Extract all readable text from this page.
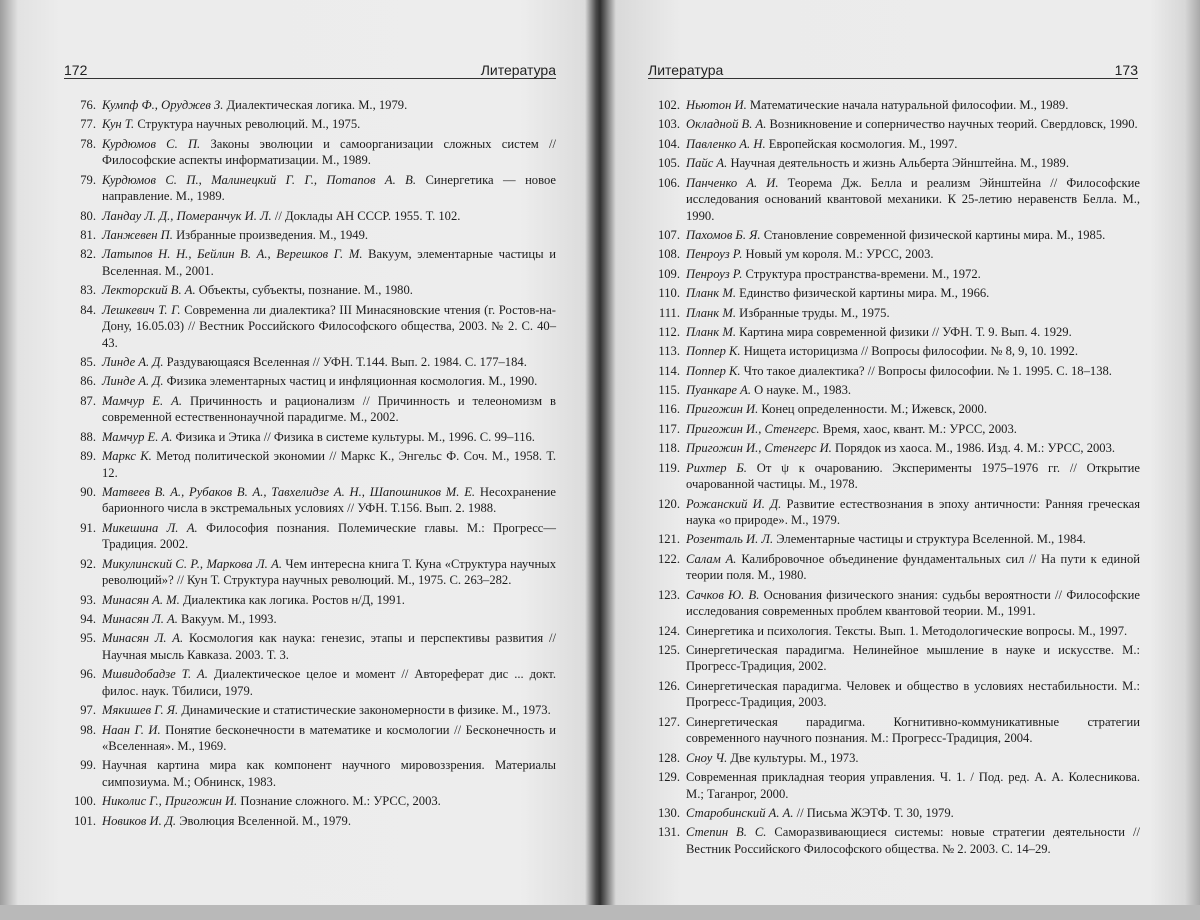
172	Литература
76. Кумпф Ф., Оруджев З. Диалектическая логика. М., 1979.
77. Кун Т. Структура научных революций. М., 1975.
78. Курдюмов С. П. Законы эволюции и самоорганизации сложных систем // Философские аспекты информатизации. М., 1989.
79. Курдюмов С. П., Малинецкий Г. Г., Потапов А. В. Синергетика — новое направление. М., 1989.
80. Ландау Л. Д., Померанчук И. Л. // Доклады АН СССР. 1955. Т. 102.
81. Ланжевен П. Избранные произведения. М., 1949.
82. Латыпов Н. Н., Бейлин В. А., Верешков Г. М. Вакуум, элементарные частицы и Вселенная. М., 2001.
83. Лекторский В. А. Объекты, субъекты, познание. М., 1980.
84. Лешкевич Т. Г. Современна ли диалектика? III Минасяновские чтения (г. Ростов-на-Дону, 16.05.03) // Вестник Российского Философского общества, 2003. № 2. С. 40–43.
85. Линде А. Д. Раздувающаяся Вселенная // УФН. Т.144. Вып. 2. 1984. С. 177–184.
86. Линде А. Д. Физика элементарных частиц и инфляционная космология. М., 1990.
87. Мамчур Е. А. Причинность и рационализм // Причинность и телеономизм в современной естественнонаучной парадигме. М., 2002.
88. Мамчур Е. А. Физика и Этика // Физика в системе культуры. М., 1996. С. 99–116.
89. Маркс К. Метод политической экономии // Маркс К., Энгельс Ф. Соч. М., 1958. Т. 12.
90. Матвеев В. А., Рубаков В. А., Тавхелидзе А. Н., Шапошников М. Е. Несохранение барионного числа в экстремальных условиях // УФН. Т.156. Вып. 2. 1988.
91. Микешина Л. А. Философия познания. Полемические главы. М.: Прогресс—Традиция. 2002.
92. Микулинский С. Р., Маркова Л. А. Чем интересна книга Т. Куна «Структура научных революций»? // Кун Т. Структура научных революций. М., 1975. С. 263–282.
93. Минасян А. М. Диалектика как логика. Ростов н/Д, 1991.
94. Минасян Л. А. Вакуум. М., 1993.
95. Минасян Л. А. Космология как наука: генезис, этапы и перспективы развития // Научная мысль Кавказа. 2003. Т. 3.
96. Мшвидобадзе Т. А. Диалектическое целое и момент // Автореферат дис ... докт. филос. наук. Тбилиси, 1979.
97. Мякишев Г. Я. Динамические и статистические закономерности в физике. М., 1973.
98. Наан Г. И. Понятие бесконечности в математике и космологии // Бесконечность и «Вселенная». М., 1969.
99. Научная картина мира как компонент научного мировоззрения. Материалы симпозиума. М.; Обнинск, 1983.
100. Николис Г., Пригожин И. Познание сложного. М.: УРСС, 2003.
101. Новиков И. Д. Эволюция Вселенной. М., 1979.
Литература	173
102. Ньютон И. Математические начала натуральной философии. М., 1989.
103. Окладной В. А. Возникновение и соперничество научных теорий. Свердловск, 1990.
104. Павленко А. Н. Европейская космология. М., 1997.
105. Пайс А. Научная деятельность и жизнь Альберта Эйнштейна. М., 1989.
106. Панченко А. И. Теорема Дж. Белла и реализм Эйнштейна // Философские исследования оснований квантовой механики. К 25-летию неравенств Белла. М., 1990.
107. Пахомов Б. Я. Становление современной физической картины мира. М., 1985.
108. Пенроуз Р. Новый ум короля. М.: УРСС, 2003.
109. Пенроуз Р. Структура пространства-времени. М., 1972.
110. Планк М. Единство физической картины мира. М., 1966.
111. Планк М. Избранные труды. М., 1975.
112. Планк М. Картина мира современной физики // УФН. Т. 9. Вып. 4. 1929.
113. Поппер К. Нищета историцизма // Вопросы философии. № 8, 9, 10. 1992.
114. Поппер К. Что такое диалектика? // Вопросы философии. № 1. 1995. С. 18–138.
115. Пуанкаре А. О науке. М., 1983.
116. Пригожин И. Конец определенности. М.; Ижевск, 2000.
117. Пригожин И., Стенгерс. Время, хаос, квант. М.: УРСС, 2003.
118. Пригожин И., Стенгерс И. Порядок из хаоса. М., 1986. Изд. 4. М.: УРСС, 2003.
119. Рихтер Б. От ψ к очарованию. Эксперименты 1975–1976 гг. // Открытие очарованной частицы. М., 1978.
120. Рожанский И. Д. Развитие естествознания в эпоху античности: Ранняя греческая наука «о природе». М., 1979.
121. Розенталь И. Л. Элементарные частицы и структура Вселенной. М., 1984.
122. Салам А. Калибровочное объединение фундаментальных сил // На пути к единой теории поля. М., 1980.
123. Сачков Ю. В. Основания физического знания: судьбы вероятности // Философские исследования современных проблем квантовой теории. М., 1991.
124. Синергетика и психология. Тексты. Вып. 1. Методологические вопросы. М., 1997.
125. Синергетическая парадигма. Нелинейное мышление в науке и искусстве. М.: Прогресс-Традиция, 2002.
126. Синергетическая парадигма. Человек и общество в условиях нестабильности. М.: Прогресс-Традиция, 2003.
127. Синергетическая парадигма. Когнитивно-коммуникативные стратегии современного научного познания. М.: Прогресс-Традиция, 2004.
128. Сноу Ч. Две культуры. М., 1973.
129. Современная прикладная теория управления. Ч. 1. / Под. ред. А. А. Колесникова. М.; Таганрог, 2000.
130. Старобинский А. А. // Письма ЖЭТФ. Т. 30, 1979.
131. Степин В. С. Саморазвивающиеся системы: новые стратегии деятельности // Вестник Российского Философского общества. № 2. 2003. С. 14–29.
